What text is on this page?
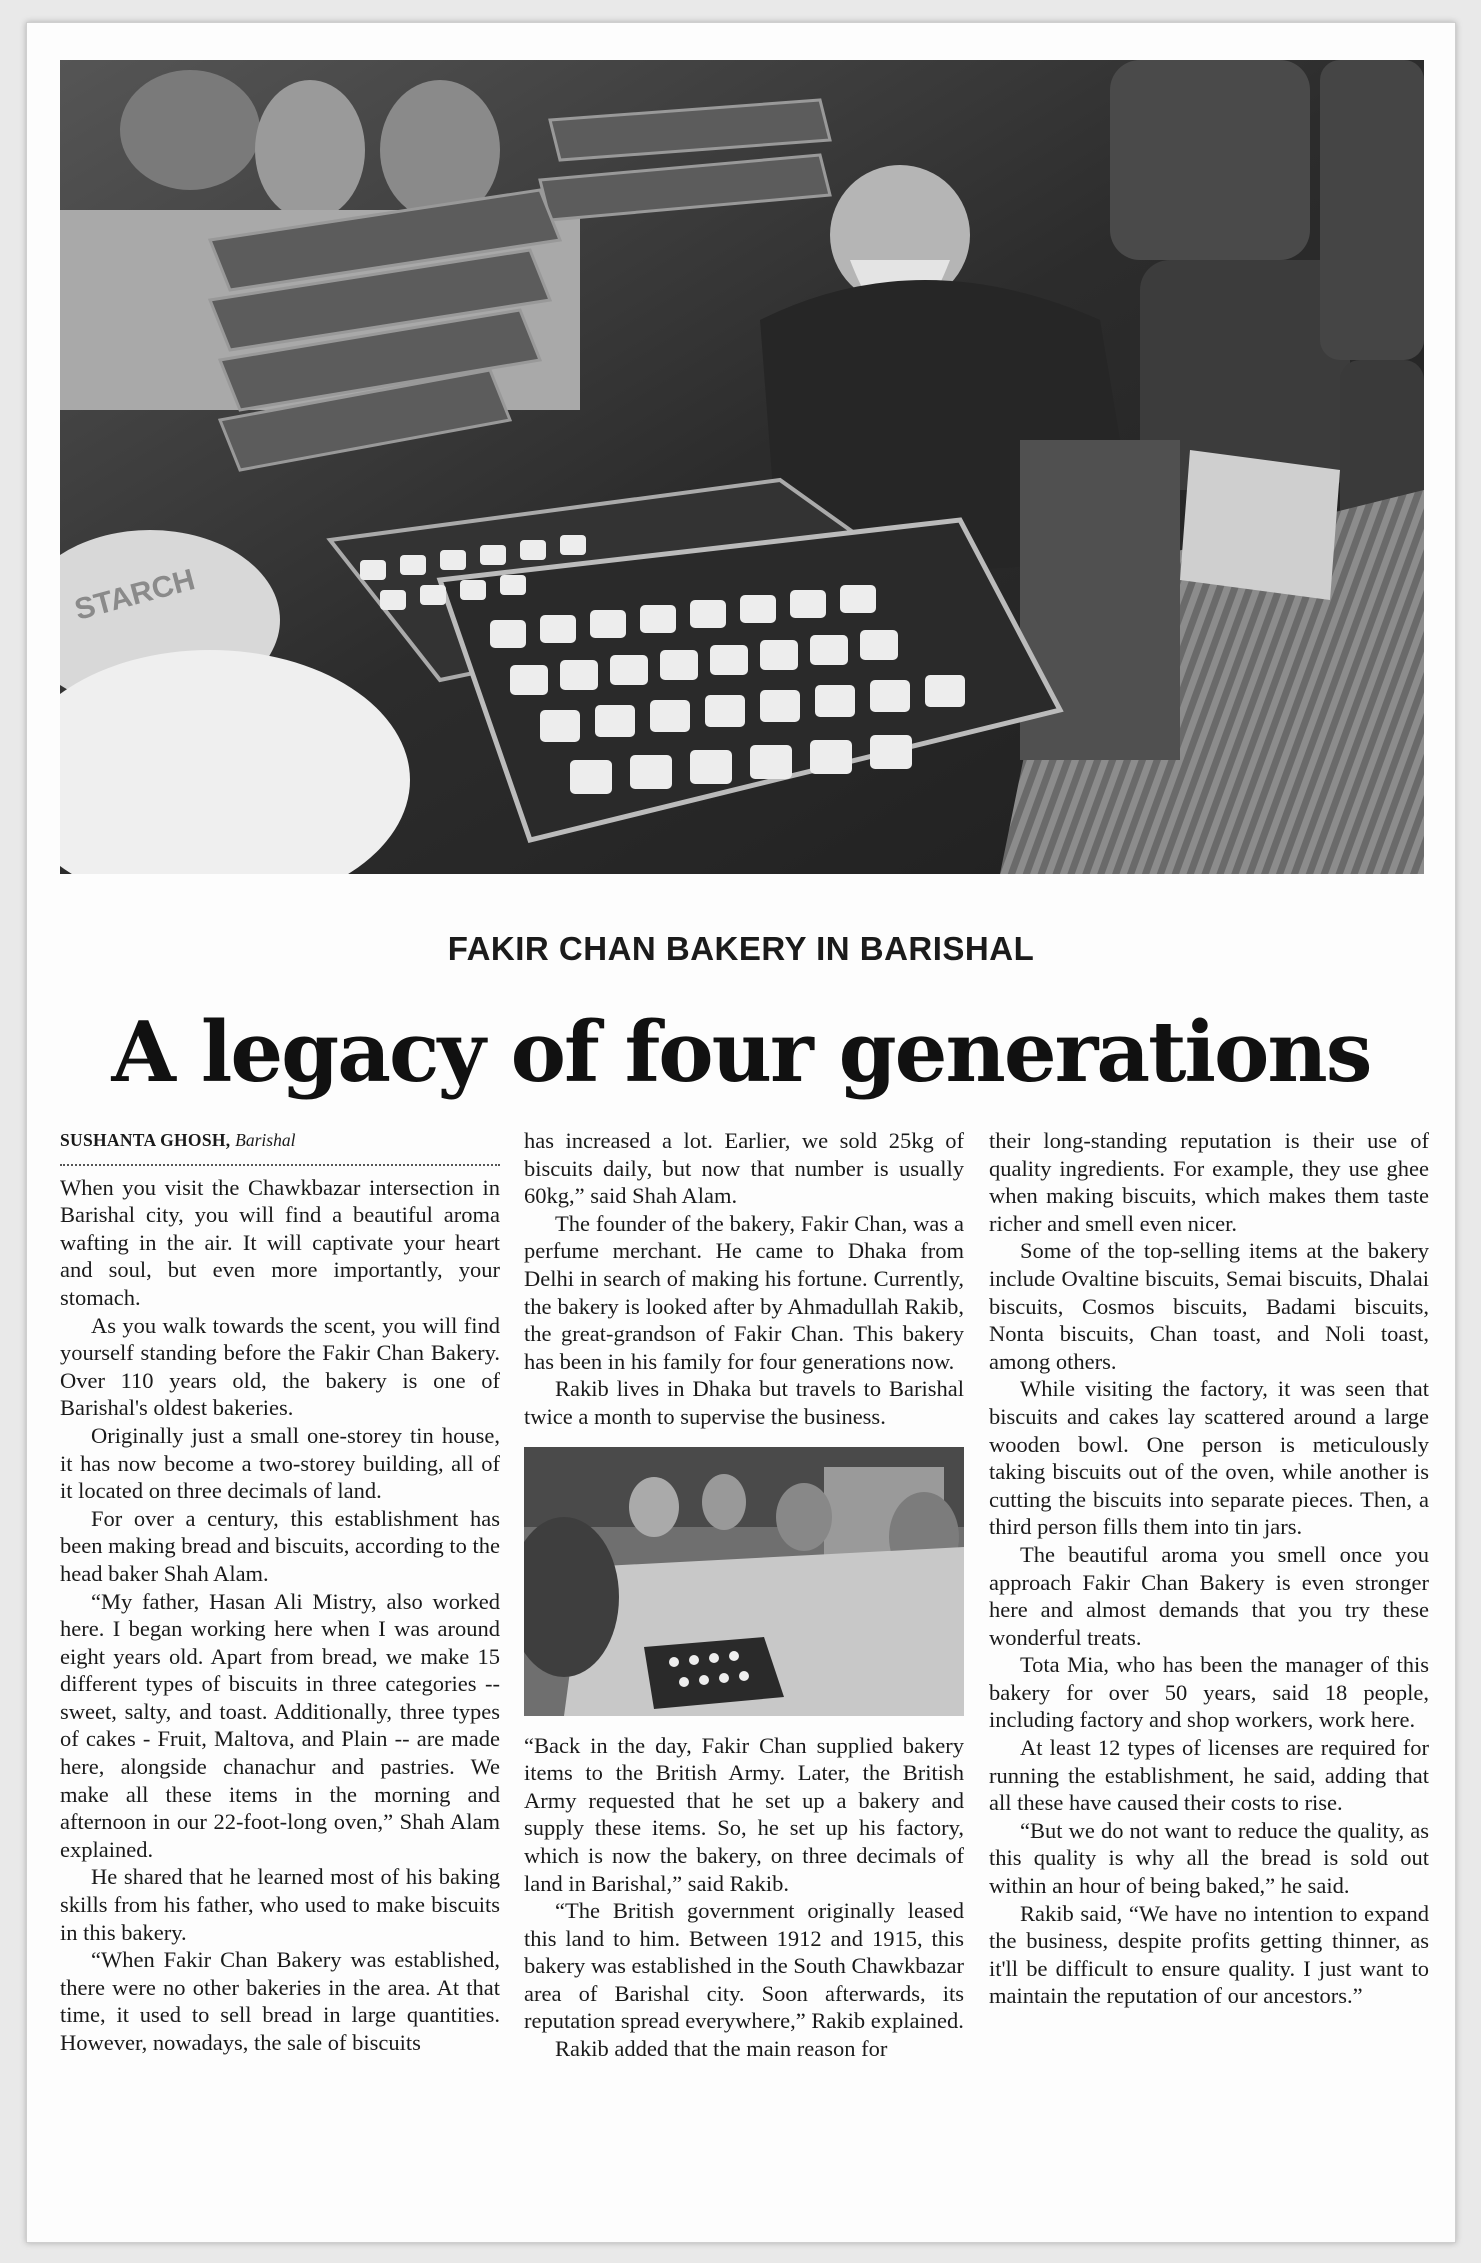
STARCH
FAKIR CHAN BAKERY IN BARISHAL
A legacy of four generations
SUSHANTA GHOSH, Barishal

When you visit the Chawkbazar intersection in Barishal city, you will find a beautiful aroma wafting in the air. It will captivate your heart and soul, but even more importantly, your stomach.

As you walk towards the scent, you will find yourself standing before the Fakir Chan Bakery. Over 110 years old, the bakery is one of Barishal's oldest bakeries.

Originally just a small one-storey tin house, it has now become a two-storey building, all of it located on three decimals of land.

For over a century, this establishment has been making bread and biscuits, according to the head baker Shah Alam.

“My father, Hasan Ali Mistry, also worked here. I began working here when I was around eight years old. Apart from bread, we make 15 different types of biscuits in three categories -- sweet, salty, and toast. Additionally, three types of cakes - Fruit, Maltova, and Plain -- are made here, alongside chanachur and pastries. We make all these items in the morning and afternoon in our 22-foot-long oven,” Shah Alam explained.

He shared that he learned most of his baking skills from his father, who used to make biscuits in this bakery.

“When Fakir Chan Bakery was established, there were no other bakeries in the area. At that time, it used to sell bread in large quantities. However, nowadays, the sale of biscuits

has increased a lot. Earlier, we sold 25kg of biscuits daily, but now that number is usually 60kg,” said Shah Alam.

The founder of the bakery, Fakir Chan, was a perfume merchant. He came to Dhaka from Delhi in search of making his fortune. Currently, the bakery is looked after by Ahmadullah Rakib, the great-grandson of Fakir Chan. This bakery has been in his family for four generations now.

Rakib lives in Dhaka but travels to Barishal twice a month to supervise the business.

“Back in the day, Fakir Chan supplied bakery items to the British Army. Later, the British Army requested that he set up a bakery and supply these items. So, he set up his factory, which is now the bakery, on three decimals of land in Barishal,” said Rakib.

“The British government originally leased this land to him. Between 1912 and 1915, this bakery was established in the South Chawkbazar area of Barishal city. Soon afterwards, its reputation spread everywhere,” Rakib explained.

Rakib added that the main reason for

their long-standing reputation is their use of quality ingredients. For example, they use ghee when making biscuits, which makes them taste richer and smell even nicer.

Some of the top-selling items at the bakery include Ovaltine biscuits, Semai biscuits, Dhalai biscuits, Cosmos biscuits, Badami biscuits, Nonta biscuits, Chan toast, and Noli toast, among others.

While visiting the factory, it was seen that biscuits and cakes lay scattered around a large wooden bowl. One person is meticulously taking biscuits out of the oven, while another is cutting the biscuits into separate pieces. Then, a third person fills them into tin jars.

The beautiful aroma you smell once you approach Fakir Chan Bakery is even stronger here and almost demands that you try these wonderful treats.

Tota Mia, who has been the manager of this bakery for over 50 years, said 18 people, including factory and shop workers, work here.

At least 12 types of licenses are required for running the establishment, he said, adding that all these have caused their costs to rise.

“But we do not want to reduce the quality, as this quality is why all the bread is sold out within an hour of being baked,” he said.

Rakib said, “We have no intention to expand the business, despite profits getting thinner, as it'll be difficult to ensure quality. I just want to maintain the reputation of our ancestors.”
